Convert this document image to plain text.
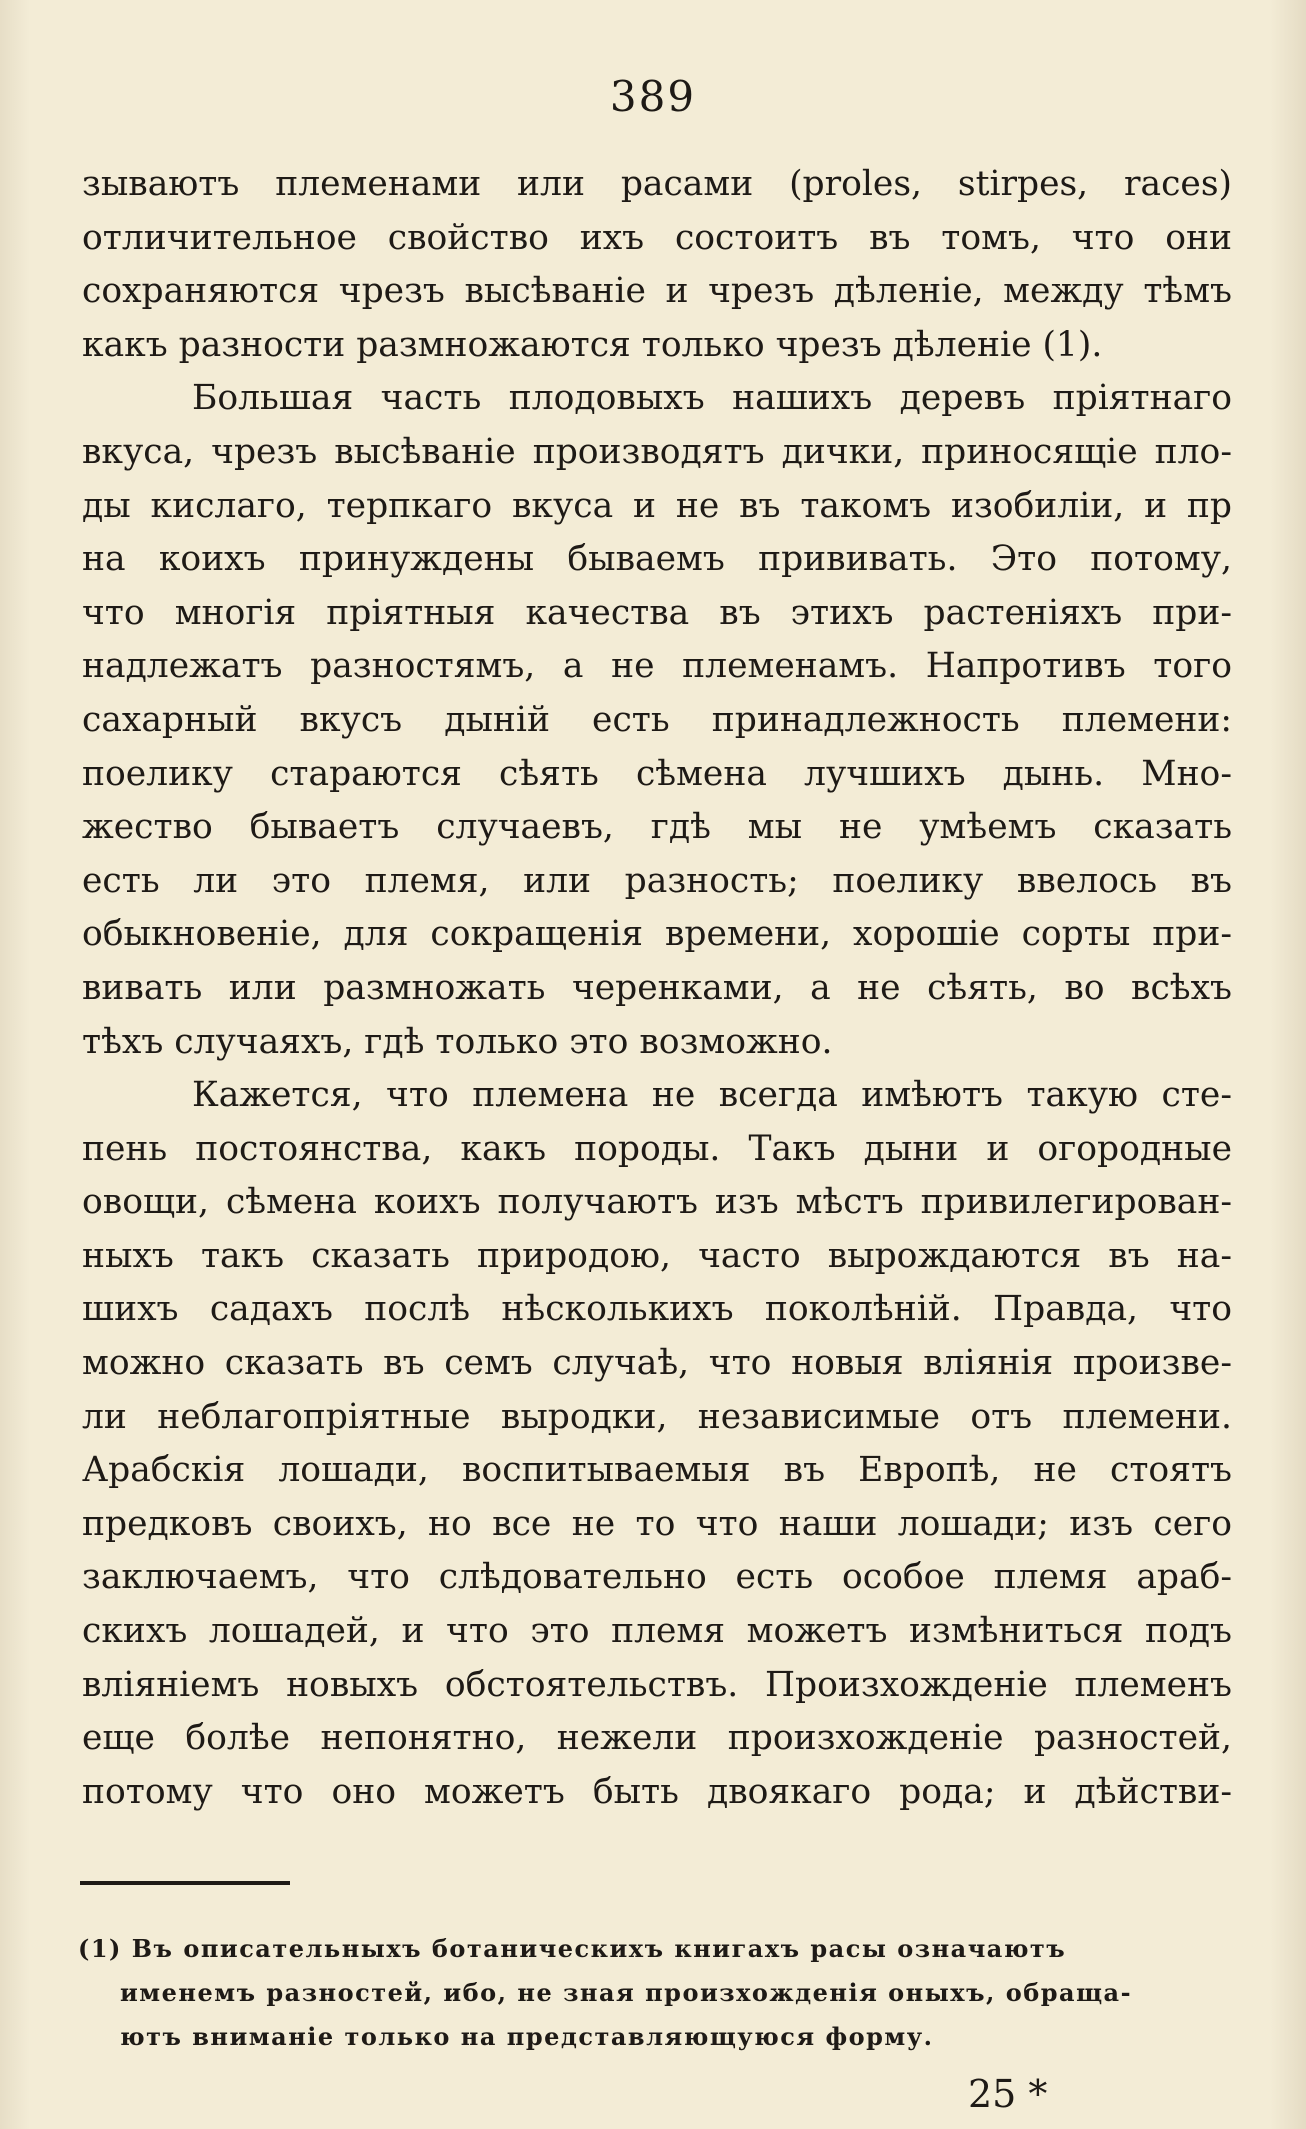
389
зываютъ племенами или расами (proles, stirpes, races)
отличительное свойство ихъ состоитъ въ томъ, что они
сохраняются чрезъ высѣванiе и чрезъ дѣленiе, между тѣмъ
какъ разности размножаются только чрезъ дѣленiе (1).
Большая часть плодовыхъ нашихъ деревъ прiятнаго
вкуса, чрезъ высѣванiе производятъ дички, приносящiе пло-
ды кислаго, терпкаго вкуса и не въ такомъ изобилiи, и пр
на коихъ принуждены бываемъ прививать. Это потому,
что многiя прiятныя качества въ этихъ растенiяхъ при-
надлежатъ разностямъ, а не племенамъ. Напротивъ того
сахарный вкусъ дынiй есть принадлежность племени:
поелику стараются сѣять сѣмена лучшихъ дынь. Мно-
жество бываетъ случаевъ, гдѣ мы не умѣемъ сказать
есть ли это племя, или разность; поелику ввелось въ
обыкновенiе, для сокращенiя времени, хорошiе сорты при-
вивать или размножать черенками, а не сѣять, во всѣхъ
тѣхъ случаяхъ, гдѣ только это возможно.
Кажется, что племена не всегда имѣютъ такую сте-
пень постоянства, какъ породы. Такъ дыни и огородные
овощи, сѣмена коихъ получаютъ изъ мѣстъ привилегирован-
ныхъ такъ сказать природою, часто вырождаются въ на-
шихъ садахъ послѣ нѣсколькихъ поколѣнiй. Правда, что
можно сказать въ семъ случаѣ, что новыя влiянiя произве-
ли неблагопрiятные выродки, независимые отъ племени.
Арабскiя лошади, воспитываемыя въ Европѣ, не стоятъ
предковъ своихъ, но все не то что наши лошади; изъ сего
заключаемъ, что слѣдовательно есть особое племя араб-
скихъ лошадей, и что это племя можетъ измѣниться подъ
влiянiемъ новыхъ обстоятельствъ. Произхожденiе племенъ
еще болѣе непонятно, нежели произхожденiе разностей,
потому что оно можетъ быть двоякаго рода; и дѣйстви-
(1) Въ описательныхъ ботаническихъ книгахъ расы означаютъ
именемъ разностей, ибо, не зная произхожденiя оныхъ, обраща-
ютъ вниманiе только на представляющуюся форму.
25 *
